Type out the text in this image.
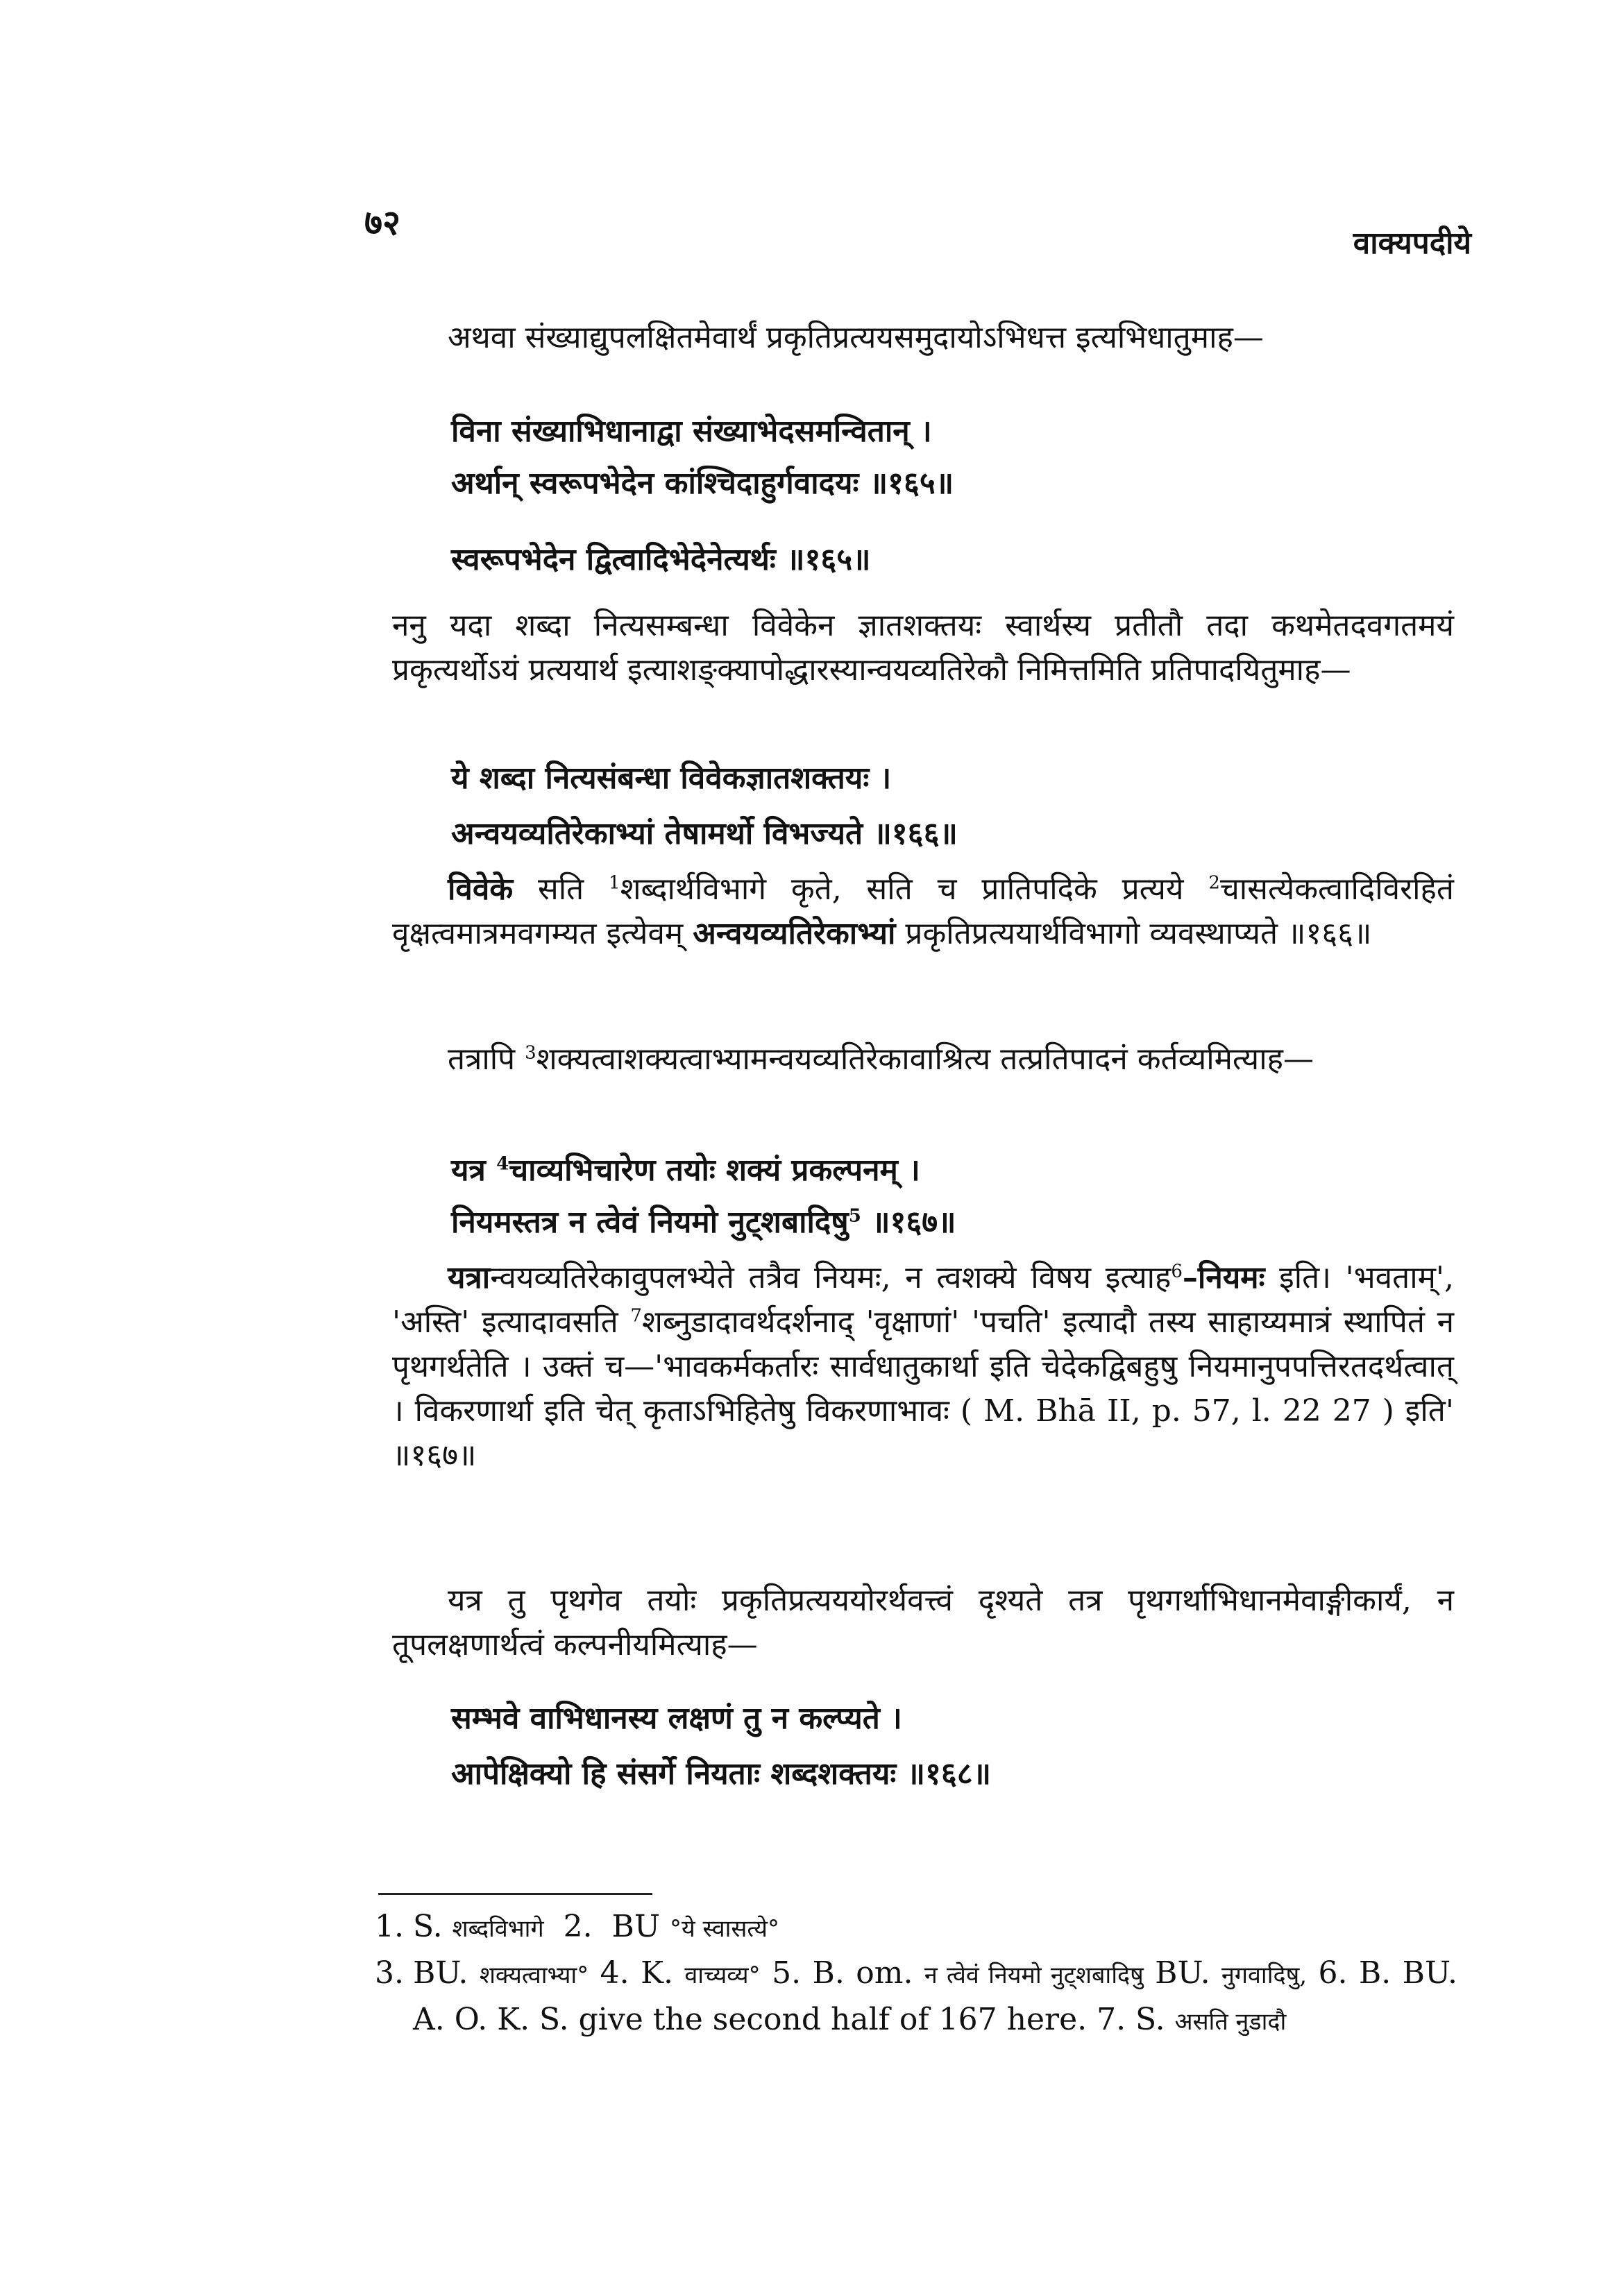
७२
वाक्यपदीये
अथवा संख्याद्युपलक्षितमेवार्थं प्रकृतिप्रत्ययसमुदायोऽभिधत्त इत्यभिधातुमाह—
विना संख्याभिधानाद्वा संख्याभेदसमन्वितान् ।
अर्थान् स्वरूपभेदेन कांश्चिदाहुर्गवादयः ॥१६५॥
स्वरूपभेदेन द्वित्वादिभेदेनेत्यर्थः ॥१६५॥
ननु यदा शब्दा नित्यसम्बन्धा विवेकेन ज्ञातशक्तयः स्वार्थस्य प्रतीतौ तदा कथमेतदवगतमयं प्रकृत्यर्थोऽयं प्रत्ययार्थ इत्याशङ्क्यापोद्धारस्यान्वयव्यतिरेकौ निमित्तमिति प्रतिपादयितुमाह—
ये शब्दा नित्यसंबन्धा विवेकज्ञातशक्तयः ।
अन्वयव्यतिरेकाभ्यां तेषामर्थो विभज्यते ॥१६६॥
विवेके सति $^1$शब्दार्थविभागे कृते, सति च प्रातिपदिके प्रत्यये $^2$चासत्येकत्वादिविरहितं वृक्षत्वमात्रमवगम्यत इत्येवम् अन्वयव्यतिरेकाभ्यां प्रकृतिप्रत्ययार्थविभागो व्यवस्थाप्यते ॥१६६॥
तत्रापि $^3$शक्यत्वाशक्यत्वाभ्यामन्वयव्यतिरेकावाश्रित्य तत्प्रतिपादनं कर्तव्यमित्याह—
यत्र $^4$चाव्यभिचारेण तयोः शक्यं प्रकल्पनम् ।
नियमस्तत्र न त्वेवं नियमो नुट्शबादिषु$^5$ ॥१६७॥
यत्रान्वयव्यतिरेकावुपलभ्येते तत्रैव नियमः, न त्वशक्ये विषय इत्याह$^6$–नियमः इति। 'भवताम्', 'अस्ति' इत्यादावसति $^7$शब्नुडादावर्थदर्शनाद् 'वृक्षाणां' 'पचति' इत्यादौ तस्य साहाय्यमात्रं स्थापितं न पृथगर्थतेति । उक्तं च—'भावकर्मकर्तारः सार्वधातुकार्था इति चेदेकद्विबहुषु नियमानुपपत्तिरतदर्थत्वात् । विकरणार्था इति चेत् कृताऽभिहितेषु विकरणाभावः ( M. Bhā II, p. 57, l. 22 27 ) इति' ॥१६७॥
यत्र तु पृथगेव तयोः प्रकृतिप्रत्यययोरर्थवत्त्वं दृश्यते तत्र पृथगर्थाभिधानमेवाङ्गीकार्यं, न तूपलक्षणार्थत्वं कल्पनीयमित्याह—
सम्भवे वाभिधानस्य लक्षणं तु न कल्प्यते ।
आपेक्षिक्यो हि संसर्गे नियताः शब्दशक्तयः ॥१६८॥
1. S. शब्दविभागे  2.  BU °ये स्वासत्ये°
3. BU. शक्यत्वाभ्या° 4. K. वाच्यव्य° 5. B. om. न त्वेवं नियमो नुट्शबादिषु BU. नुगवादिषु, 6. B. BU. A. O. K. S. give the second half of 167 here. 7. S. असति नुडादौ
